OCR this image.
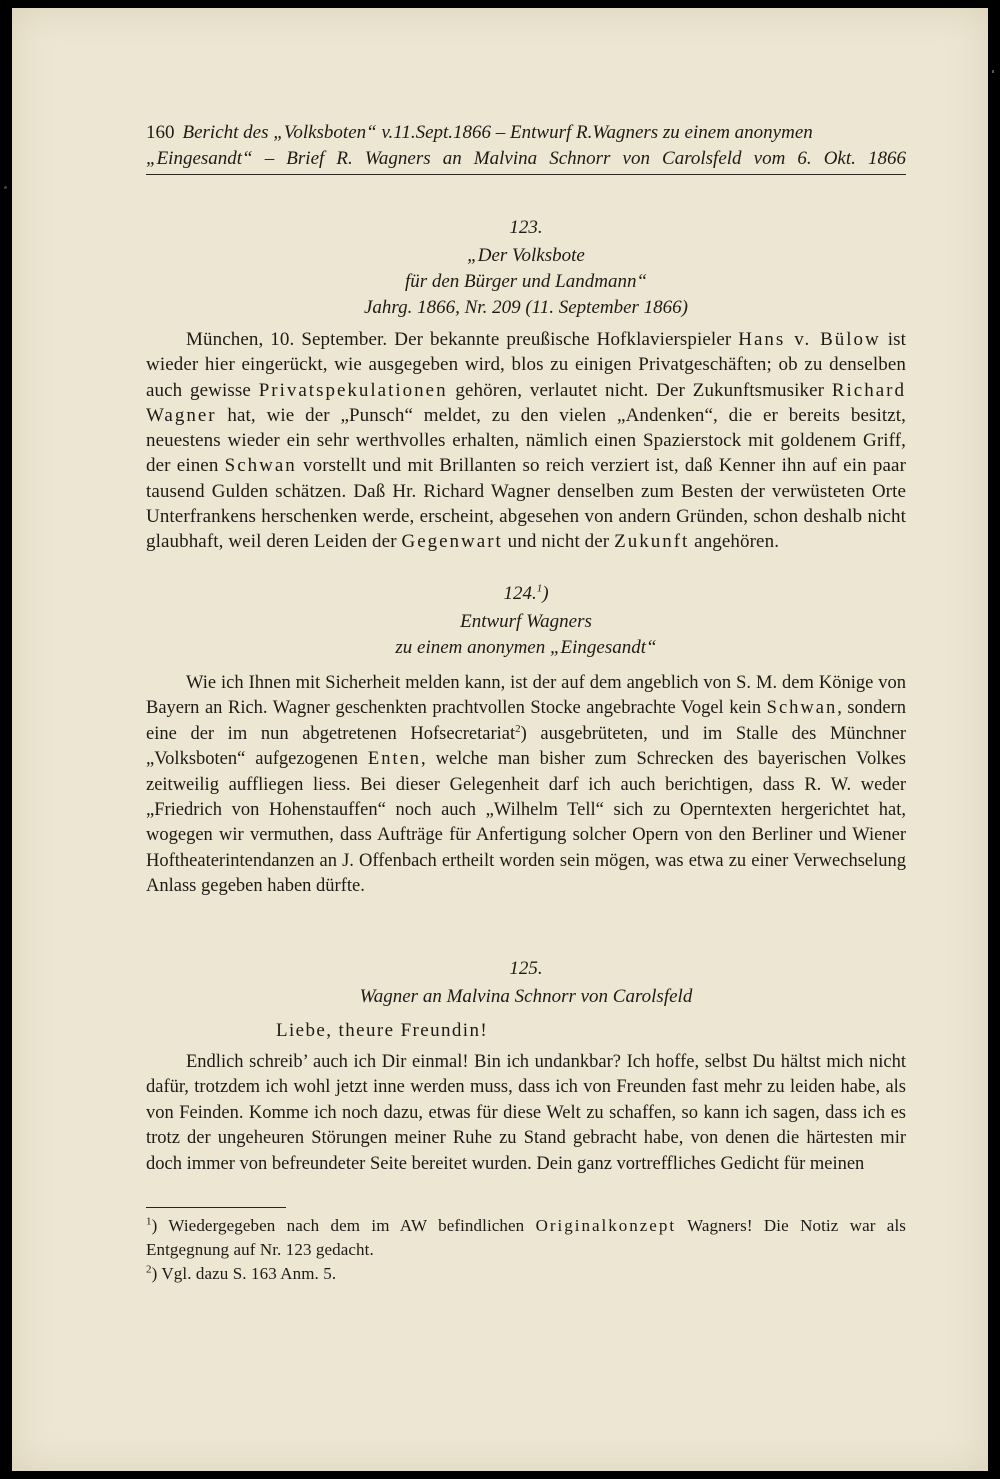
160 Bericht des „Volksboten“ v.11.Sept.1866 – Entwurf R.Wagners zu einem anonymen
„Eingesandt“ – Brief R. Wagners an Malvina Schnorr von Carolsfeld vom 6. Okt. 1866
123.
„Der Volksbote
für den Bürger und Landmann“
Jahrg. 1866, Nr. 209 (11. September 1866)

München, 10. September. Der bekannte preußische Hofklavierspieler Hans v. Bülow ist wieder hier eingerückt, wie ausgegeben wird, blos zu einigen Privatgeschäften; ob zu denselben auch gewisse Privatspekulationen gehören, verlautet nicht. Der Zukunftsmusiker Richard Wagner hat, wie der „Punsch“ meldet, zu den vielen „Andenken“, die er bereits besitzt, neuestens wieder ein sehr werthvolles erhalten, nämlich einen Spazierstock mit goldenem Griff, der einen Schwan vorstellt und mit Brillanten so reich verziert ist, daß Kenner ihn auf ein paar tausend Gulden schätzen. Daß Hr. Richard Wagner denselben zum Besten der verwüsteten Orte Unterfrankens herschenken werde, erscheint, abgesehen von andern Gründen, schon deshalb nicht glaubhaft, weil deren Leiden der Gegenwart und nicht der Zukunft angehören.

124.$^1$)
Entwurf Wagners
zu einem anonymen „Eingesandt“

Wie ich Ihnen mit Sicherheit melden kann, ist der auf dem angeblich von S. M. dem Könige von Bayern an Rich. Wagner geschenkten prachtvollen Stocke angebrachte Vogel kein Schwan, sondern eine der im nun abgetretenen Hofsecretariat$^2$) ausgebrüteten, und im Stalle des Münchner „Volksboten“ aufgezogenen Enten, welche man bisher zum Schrecken des bayerischen Volkes zeitweilig auffliegen liess. Bei dieser Gelegenheit darf ich auch berichtigen, dass R. W. weder „Friedrich von Hohenstauffen“ noch auch „Wilhelm Tell“ sich zu Operntexten hergerichtet hat, wogegen wir vermuthen, dass Aufträge für Anfertigung solcher Opern von den Berliner und Wiener Hoftheaterintendanzen an J. Offenbach ertheilt worden sein mögen, was etwa zu einer Verwechselung Anlass gegeben haben dürfte.

125.
Wagner an Malvina Schnorr von Carolsfeld
Liebe, theure Freundin!

Endlich schreib’ auch ich Dir einmal! Bin ich undankbar? Ich hoffe, selbst Du hältst mich nicht dafür, trotzdem ich wohl jetzt inne werden muss, dass ich von Freunden fast mehr zu leiden habe, als von Feinden. Komme ich noch dazu, etwas für diese Welt zu schaffen, so kann ich sagen, dass ich es trotz der ungeheuren Störungen meiner Ruhe zu Stand gebracht habe, von denen die härtesten mir doch immer von befreundeter Seite bereitet wurden. Dein ganz vortreffliches Gedicht für meinen

$^1$) Wiedergegeben nach dem im AW befindlichen Originalkonzept Wagners! Die Notiz war als Entgegnung auf Nr. 123 gedacht.

$^2$) Vgl. dazu S. 163 Anm. 5.
